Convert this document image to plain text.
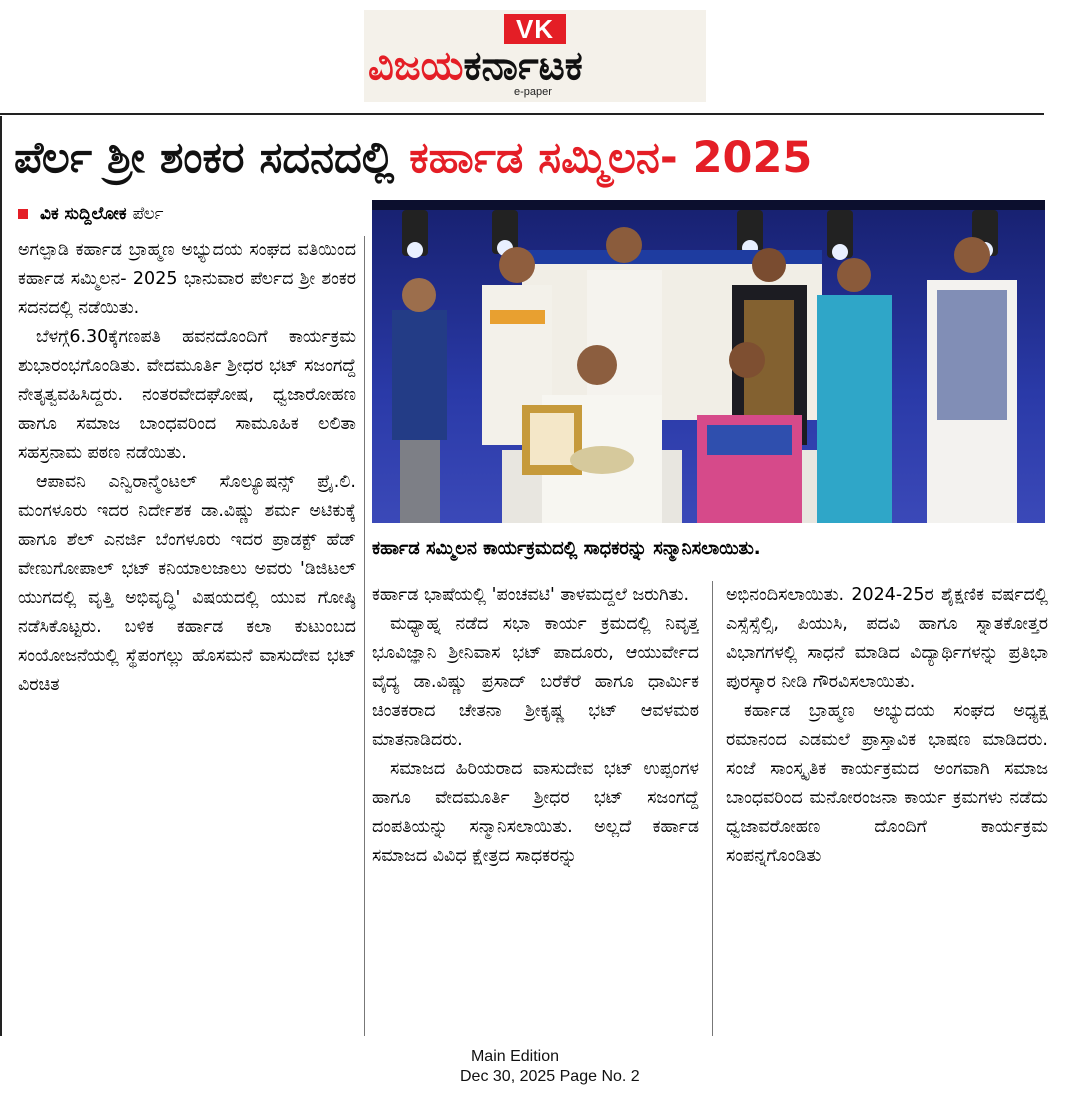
VK
ವಿಜಯಕರ್ನಾಟಕ
e-paper
ಪೆರ್ಲ ಶ್ರೀ ಶಂಕರ ಸದನದಲ್ಲಿ ಕರ್ಹಾಡ ಸಮ್ಮಿಲನ- 2025
ವಿಕ ಸುದ್ದಿಲೋಕ ಪೆರ್ಲ
ಕರ್ಹಾಡ ಸಮ್ಮಿಲನ ಕಾರ್ಯಕ್ರಮದಲ್ಲಿ ಸಾಧಕರನ್ನು ಸನ್ಮಾನಿಸಲಾಯಿತು.

ಅಗಲ್ಪಾಡಿ ಕರ್ಹಾಡ ಬ್ರಾಹ್ಮಣ ಅಭ್ಯುದಯ ಸಂಘದ ವತಿಯಿಂದ ಕರ್ಹಾಡ ಸಮ್ಮಿಲನ- 2025 ಭಾನುವಾರ ಪೆರ್ಲದ ಶ್ರೀ ಶಂಕರ ಸದನದಲ್ಲಿ ನಡೆಯಿತು.

ಬೆಳಗ್ಗೆ6.30ಕ್ಕೆಗಣಪತಿ ಹವನದೊಂದಿಗೆ ಕಾರ್ಯಕ್ರಮ ಶುಭಾರಂಭಗೊಂಡಿತು. ವೇದಮೂರ್ತಿ ಶ್ರೀಧರ ಭಟ್ ಸಜಂಗದ್ದೆ ನೇತೃತ್ವವಹಿಸಿದ್ದರು. ನಂತರವೇದಘೋಷ, ಧ್ವಜಾರೋಹಣ ಹಾಗೂ ಸಮಾಜ ಬಾಂಧವರಿಂದ ಸಾಮೂಹಿಕ ಲಲಿತಾ ಸಹಸ್ರನಾಮ ಪಠಣ ನಡೆಯಿತು.

ಆಪಾವನಿ ಎನ್ವಿರಾನ್ಮೆಂಟಲ್ ಸೊಲ್ಯೂಷನ್ಸ್ ಪ್ರೈ.ಲಿ. ಮಂಗಳೂರು ಇದರ ನಿರ್ದೇಶಕ ಡಾ.ವಿಷ್ಣು ಶರ್ಮ ಅಟಿಕುಕ್ಕೆ ಹಾಗೂ ಶೆಲ್ ಎನರ್ಜಿ ಬೆಂಗಳೂರು ಇದರ ಪ್ರಾಡಕ್ಟ್ ಹೆಡ್ ವೇಣುಗೋಪಾಲ್ ಭಟ್ ಕನಿಯಾಲಜಾಲು ಅವರು 'ಡಿಜಿಟಲ್ ಯುಗದಲ್ಲಿ ವೃತ್ತಿ ಅಭಿವೃದ್ಧಿ' ವಿಷಯದಲ್ಲಿ ಯುವ ಗೋಷ್ಠಿ ನಡೆಸಿಕೊಟ್ಟರು. ಬಳಿಕ ಕರ್ಹಾಡ ಕಲಾ ಕುಟುಂಬದ ಸಂಯೋಜನೆಯಲ್ಲಿ ಸ್ಥೆಪಂಗಲ್ಲು ಹೊಸಮನೆ ವಾಸುದೇವ ಭಟ್ ವಿರಚಿತ

ಕರ್ಹಾಡ ಭಾಷೆಯಲ್ಲಿ 'ಪಂಚವಟಿ' ತಾಳಮದ್ದಲೆ ಜರುಗಿತು.

ಮಧ್ಯಾಹ್ನ ನಡೆದ ಸಭಾ ಕಾರ್ಯ ಕ್ರಮದಲ್ಲಿ ನಿವೃತ್ತ ಭೂವಿಜ್ಞಾನಿ ಶ್ರೀನಿವಾಸ ಭಟ್ ಪಾದೂರು, ಆಯುರ್ವೇದ ವೈದ್ಯ ಡಾ.ವಿಷ್ಣು ಪ್ರಸಾದ್ ಬರೆಕೆರೆ ಹಾಗೂ ಧಾರ್ಮಿಕ ಚಿಂತಕರಾದ ಚೇತನಾ ಶ್ರೀಕೃಷ್ಣ ಭಟ್ ಆವಳಮಠ ಮಾತನಾಡಿದರು.

ಸಮಾಜದ ಹಿರಿಯರಾದ ವಾಸುದೇವ ಭಟ್ ಉಪ್ಪಂಗಳ ಹಾಗೂ ವೇದಮೂರ್ತಿ ಶ್ರೀಧರ ಭಟ್ ಸಜಂಗದ್ದೆ ದಂಪತಿಯನ್ನು ಸನ್ಮಾನಿಸಲಾಯಿತು. ಅಲ್ಲದೆ ಕರ್ಹಾಡ ಸಮಾಜದ ವಿವಿಧ ಕ್ಷೇತ್ರದ ಸಾಧಕರನ್ನು

ಅಭಿನಂದಿಸಲಾಯಿತು. 2024-25ರ ಶೈಕ್ಷಣಿಕ ವರ್ಷದಲ್ಲಿ ಎಸ್ಸೆಸ್ಸೆಲ್ಸಿ, ಪಿಯುಸಿ, ಪದವಿ ಹಾಗೂ ಸ್ನಾತಕೋತ್ತರ ವಿಭಾಗಗಳಲ್ಲಿ ಸಾಧನೆ ಮಾಡಿದ ವಿದ್ಯಾರ್ಥಿಗಳನ್ನು ಪ್ರತಿಭಾ ಪುರಸ್ಕಾರ ನೀಡಿ ಗೌರವಿಸಲಾಯಿತು.

ಕರ್ಹಾಡ ಬ್ರಾಹ್ಮಣ ಅಭ್ಯುದಯ ಸಂಘದ ಅಧ್ಯಕ್ಷ ರಮಾನಂದ ಎಡಮಲೆ ಪ್ರಾಸ್ತಾವಿಕ ಭಾಷಣ ಮಾಡಿದರು. ಸಂಜೆ ಸಾಂಸ್ಕೃತಿಕ ಕಾರ್ಯಕ್ರಮದ ಅಂಗವಾಗಿ ಸಮಾಜ ಬಾಂಧವರಿಂದ ಮನೋರಂಜನಾ ಕಾರ್ಯ ಕ್ರಮಗಳು ನಡೆದು ಧ್ವಜಾವರೋಹಣ ದೊಂದಿಗೆ ಕಾರ್ಯಕ್ರಮ ಸಂಪನ್ನಗೊಂಡಿತು

Main Edition
Dec 30, 2025 Page No. 2
